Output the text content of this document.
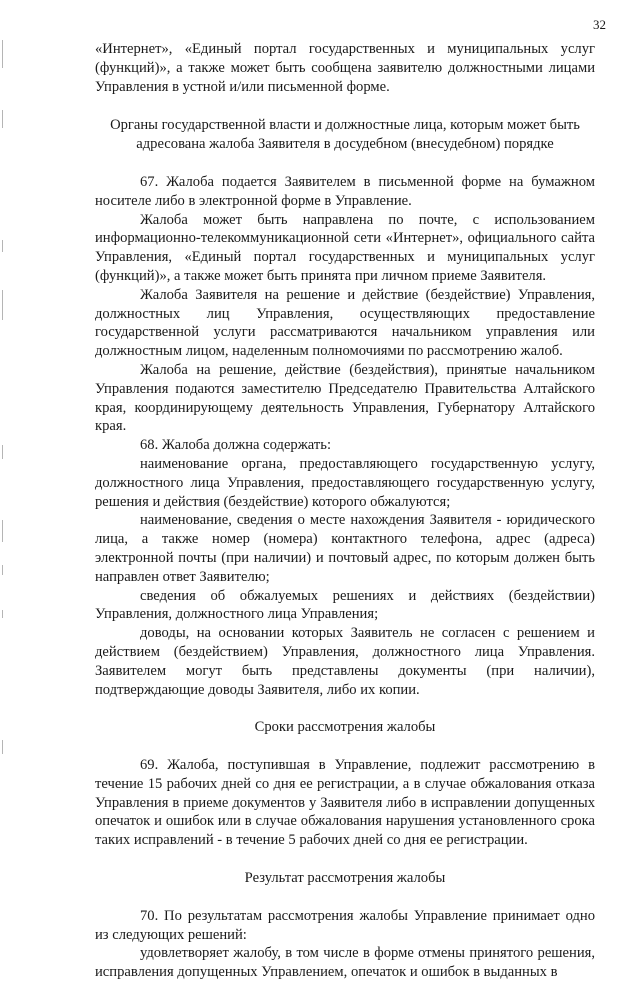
32

«Интернет», «Единый портал государственных и муниципальных услуг (функций)», а также может быть сообщена заявителю должностными лицами Управления в устной и/или письменной форме.

Органы государственной власти и должностные лица, которым может быть адресована жалоба Заявителя в досудебном (внесудебном) порядке

67. Жалоба подается Заявителем в письменной форме на бумажном носителе либо в электронной форме в Управление.

Жалоба может быть направлена по почте, с использованием информационно-телекоммуникационной сети «Интернет», официального сайта Управления, «Единый портал государственных и муниципальных услуг (функций)», а также может быть принята при личном приеме Заявителя.

Жалоба Заявителя на решение и действие (бездействие) Управления, должностных лиц Управления, осуществляющих предоставление государственной услуги рассматриваются начальником управления или должностным лицом, наделенным полномочиями по рассмотрению жалоб.

Жалоба на решение, действие (бездействия), принятые начальником Управления подаются заместителю Председателю Правительства Алтайского края, координирующему деятельность Управления, Губернатору Алтайского края.

68. Жалоба должна содержать:

наименование органа, предоставляющего государственную услугу, должностного лица Управления, предоставляющего государственную услугу, решения и действия (бездействие) которого обжалуются;

наименование, сведения о месте нахождения Заявителя - юридического лица, а также номер (номера) контактного телефона, адрес (адреса) электронной почты (при наличии) и почтовый адрес, по которым должен быть направлен ответ Заявителю;

сведения об обжалуемых решениях и действиях (бездействии) Управления, должностного лица Управления;

доводы, на основании которых Заявитель не согласен с решением и действием (бездействием) Управления, должностного лица Управления. Заявителем могут быть представлены документы (при наличии), подтверждающие доводы Заявителя, либо их копии.

Сроки рассмотрения жалобы

69. Жалоба, поступившая в Управление, подлежит рассмотрению в течение 15 рабочих дней со дня ее регистрации, а в случае обжалования отказа Управления в приеме документов у Заявителя либо в исправлении допущенных опечаток и ошибок или в случае обжалования нарушения установленного срока таких исправлений - в течение 5 рабочих дней со дня ее регистрации.

Результат рассмотрения жалобы

70. По результатам рассмотрения жалобы Управление принимает одно из следующих решений:

удовлетворяет жалобу, в том числе в форме отмены принятого решения, исправления допущенных Управлением, опечаток и ошибок в выданных в
